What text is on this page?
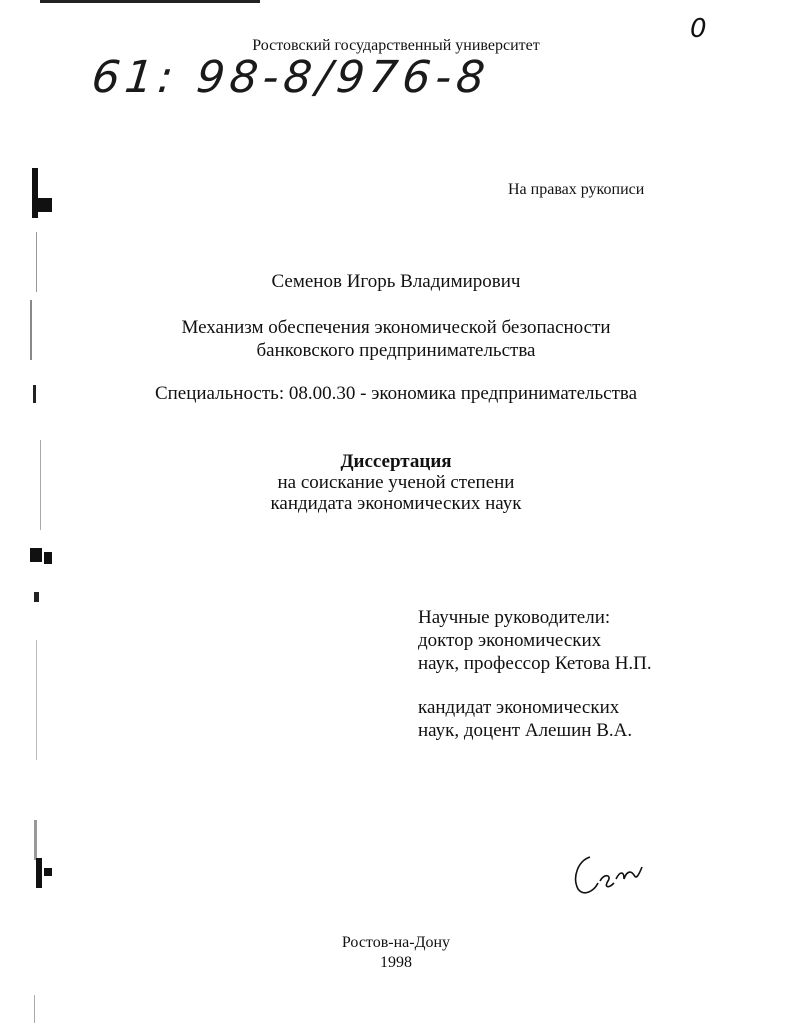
Ростовский государственный университет
61: 98-8/976-8
0
На правах рукописи
Семенов Игорь Владимирович
Механизм обеспечения экономической безопасности
банковского предпринимательства
Специальность: 08.00.30 - экономика предпринимательства
Диссертация
на соискание ученой степени
кандидата экономических наук
Научные руководители:
доктор экономических
наук, профессор Кетова Н.П.
кандидат экономических
наук, доцент Алешин В.А.
Ростов-на-Дону
1998
